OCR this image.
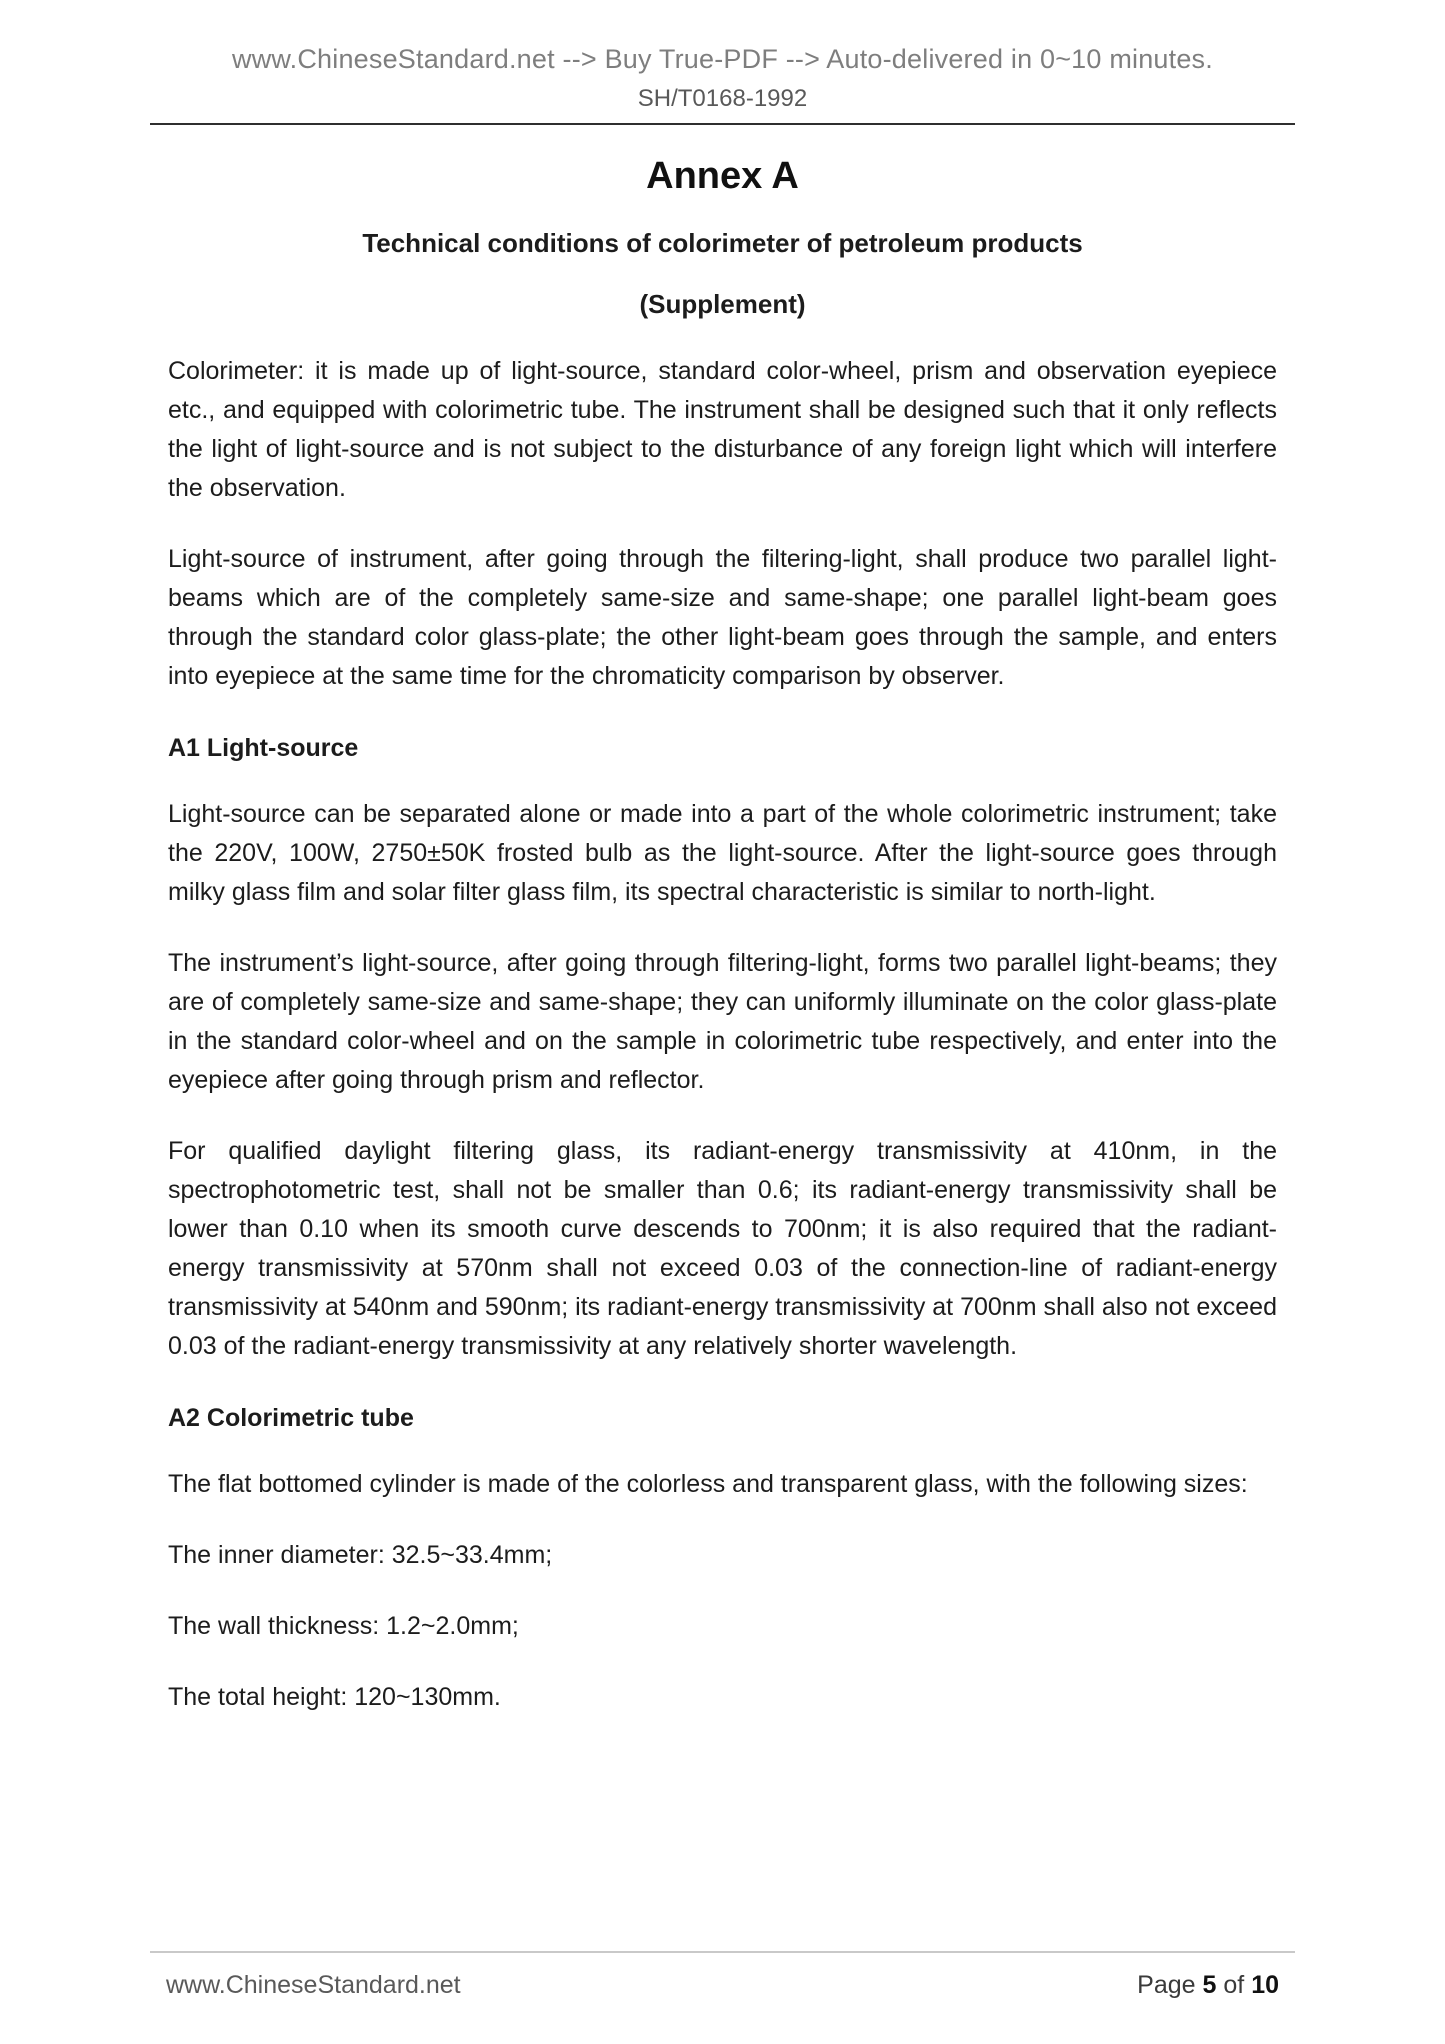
www.ChineseStandard.net --> Buy True-PDF --> Auto-delivered in 0~10 minutes.
SH/T0168-1992
Annex A
Technical conditions of colorimeter of petroleum products
(Supplement)

Colorimeter: it is made up of light-source, standard color-wheel, prism and observation eyepiece etc., and equipped with colorimetric tube. The instrument shall be designed such that it only reflects the light of light-source and is not subject to the disturbance of any foreign light which will interfere the observation.

Light-source of instrument, after going through the filtering-light, shall produce two parallel light-beams which are of the completely same-size and same-shape; one parallel light-beam goes through the standard color glass-plate; the other light-beam goes through the sample, and enters into eyepiece at the same time for the chromaticity comparison by observer.

A1 Light-source

Light-source can be separated alone or made into a part of the whole colorimetric instrument; take the 220V, 100W, 2750±50K frosted bulb as the light-source. After the light-source goes through milky glass film and solar filter glass film, its spectral characteristic is similar to north-light.

The instrument’s light-source, after going through filtering-light, forms two parallel light-beams; they are of completely same-size and same-shape; they can uniformly illuminate on the color glass-plate in the standard color-wheel and on the sample in colorimetric tube respectively, and enter into the eyepiece after going through prism and reflector.

For qualified daylight filtering glass, its radiant-energy transmissivity at 410nm, in the spectrophotometric test, shall not be smaller than 0.6; its radiant-energy transmissivity shall be lower than 0.10 when its smooth curve descends to 700nm; it is also required that the radiant-energy transmissivity at 570nm shall not exceed 0.03 of the connection-line of radiant-energy transmissivity at 540nm and 590nm; its radiant-energy transmissivity at 700nm shall also not exceed 0.03 of the radiant-energy transmissivity at any relatively shorter wavelength.

A2 Colorimetric tube

The flat bottomed cylinder is made of the colorless and transparent glass, with the following sizes:

The inner diameter: 32.5~33.4mm;

The wall thickness: 1.2~2.0mm;

The total height: 120~130mm.

www.ChineseStandard.net	Page 5 of 10
